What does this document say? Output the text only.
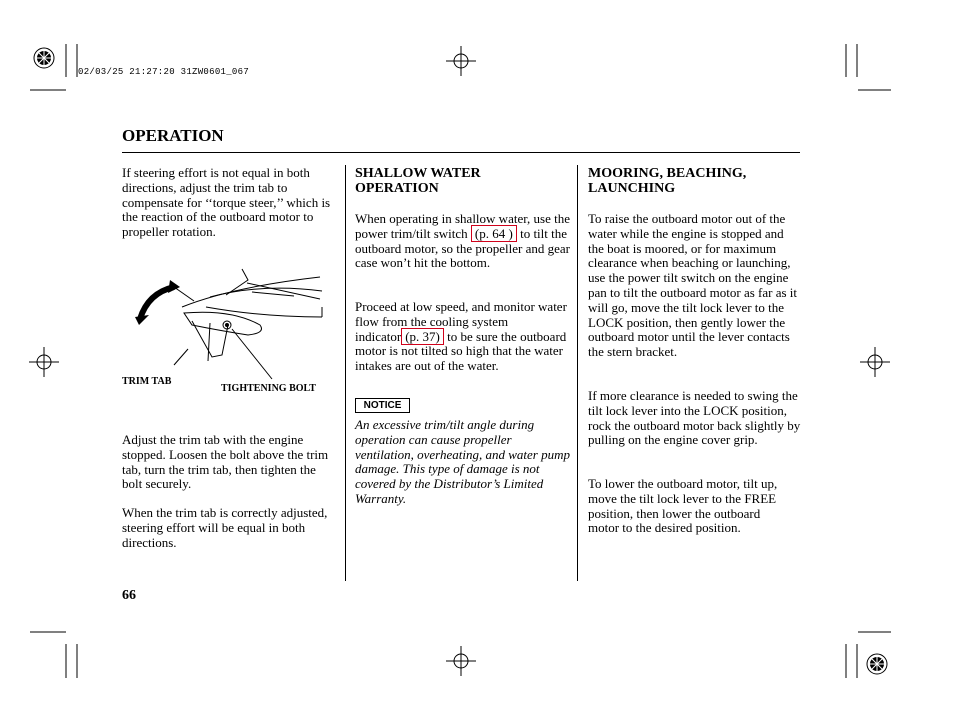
02/03/25 21:27:20 31ZW0601_067
OPERATION
If steering effort is not equal in both directions, adjust the trim tab to compensate for ‘‘torque steer,’’ which is the reaction of the outboard motor to propeller rotation.
TRIM TAB
TIGHTENING BOLT
Adjust the trim tab with the engine stopped. Loosen the bolt above the trim tab, turn the trim tab, then tighten the bolt securely.
When the trim tab is correctly adjusted, steering effort will be equal in both directions.
SHALLOW WATER
OPERATION
When operating in shallow water, use the power trim/tilt switch (p. 64 ) to tilt the outboard motor, so the propeller and gear case won’t hit the bottom.
Proceed at low speed, and monitor water flow from the cooling system indicator (p. 37) to be sure the outboard motor is not tilted so high that the water intakes are out of the water.
NOTICE
An excessive trim/tilt angle during operation can cause propeller ventilation, overheating, and water pump damage. This type of damage is not covered by the Distributor’s Limited Warranty.
MOORING, BEACHING,
LAUNCHING
To raise the outboard motor out of the water while the engine is stopped and the boat is moored, or for maximum clearance when beaching or launching, use the power tilt switch on the engine pan to tilt the outboard motor as far as it will go, move the tilt lock lever to the LOCK position, then gently lower the outboard motor until the lever contacts the stern bracket.
If more clearance is needed to swing the tilt lock lever into the LOCK position, rock the outboard motor back slightly by pulling on the engine cover grip.
To lower the outboard motor, tilt up, move the tilt lock lever to the FREE position, then lower the outboard motor to the desired position.
66
